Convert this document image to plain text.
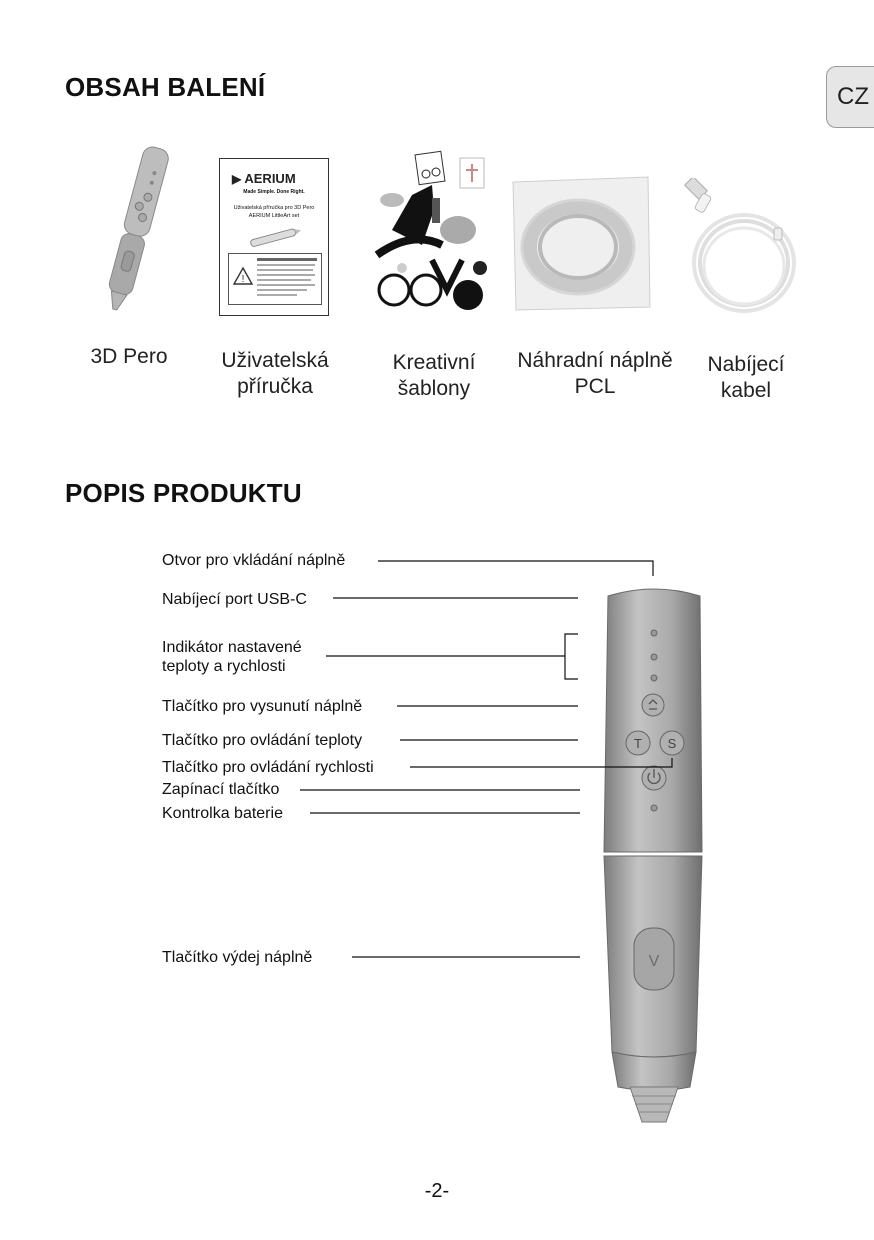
CZ
OBSAH BALENÍ
▶ AERIUM
Made Simple. Done Right.
Uživatelská příručka pro 3D Pero
AERIUM LittleArt set
!
3D Pero	Uživatelská
příručka
Kreativní
šablony
Náhradní náplně
PCL
Nabíjecí
kabel
POPIS PRODUKTU
T S
V
Otvor pro vkládání náplně
Nabíjecí port USB-C
Indikátor nastavené
teploty a rychlosti
Tlačítko pro vysunutí náplně
Tlačítko pro ovládání teploty
Tlačítko pro ovládání rychlosti
Zapínací tlačítko
Kontrolka baterie
Tlačítko výdej náplně
-2-
